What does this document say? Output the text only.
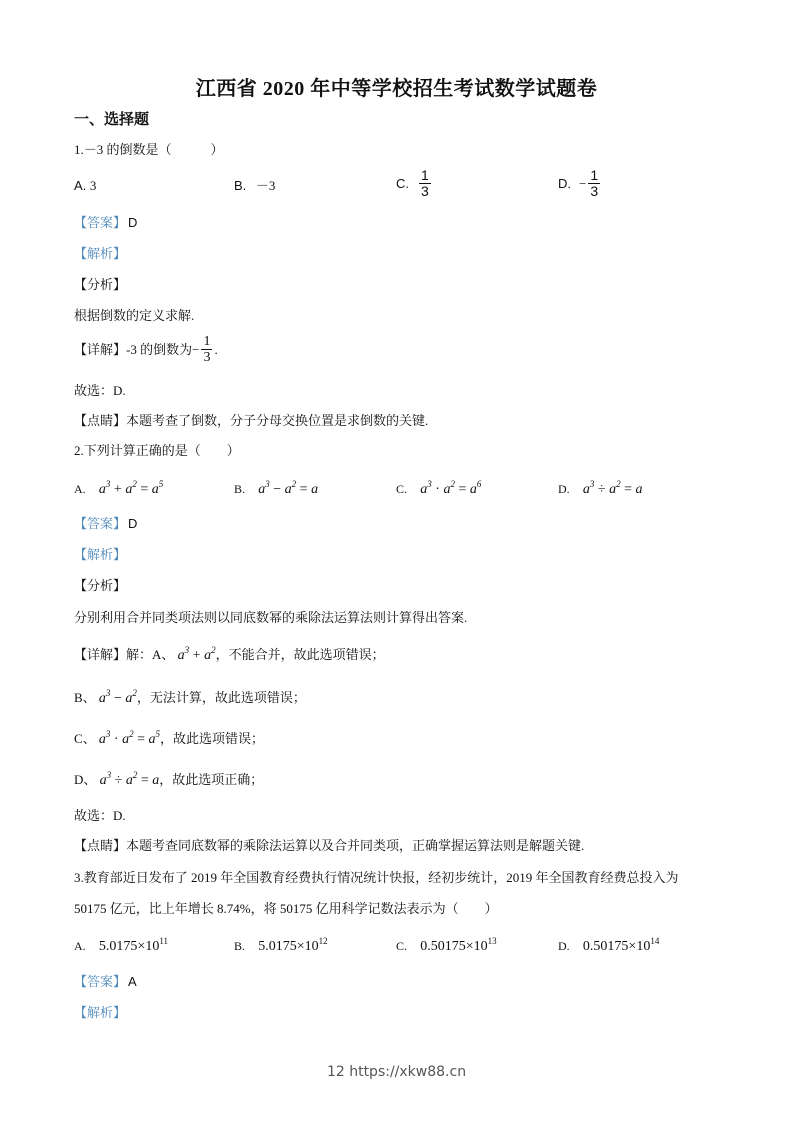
江西省 2020 年中等学校招生考试数学试题卷
一、选择题
1.－3 的倒数是（　　　）
A. 3	B. －3	C. $\frac{1}{3}$	D. − $\frac{1}{3}$
【答案】 D
【解析】
【分析】
根据倒数的定义求解.
【详解】 -3 的倒数为 − $\frac{1}{3}$ .
故选：D.
【点睛】本题考查了倒数，分子分母交换位置是求倒数的关键.
2.下列计算正确的是（　　）
A. $a^3 + a^2 = a^5$	B. $a^3 - a^2 = a$	C. $a^3 \cdot a^2 = a^6$	D. $a^3 \div a^2 = a$
【答案】 D
【解析】
【分析】
分别利用合并同类项法则以同底数幂的乘除法运算法则计算得出答案.
【详解】解：A、 $a^3 + a^2$，不能合并，故此选项错误；
B、 $a^3 - a^2$，无法计算，故此选项错误；
C、 $a^3 \cdot a^2 = a^5$，故此选项错误；
D、 $a^3 \div a^2 = a$，故此选项正确；
故选：D.
【点睛】本题考查同底数幂的乘除法运算以及合并同类项，正确掌握运算法则是解题关键.
3.教育部近日发布了 2019 年全国教育经费执行情况统计快报，经初步统计，2019 年全国教育经费总投入为
50175 亿元，比上年增长 8.74%，将 50175 亿用科学记数法表示为（　　）
A. $5.0175\times 10^{11}$	B. $5.0175\times 10^{12}$	C. $0.50175\times 10^{13}$	D. $0.50175\times 10^{14}$
【答案】 A
【解析】
12 https://xkw88.cn
